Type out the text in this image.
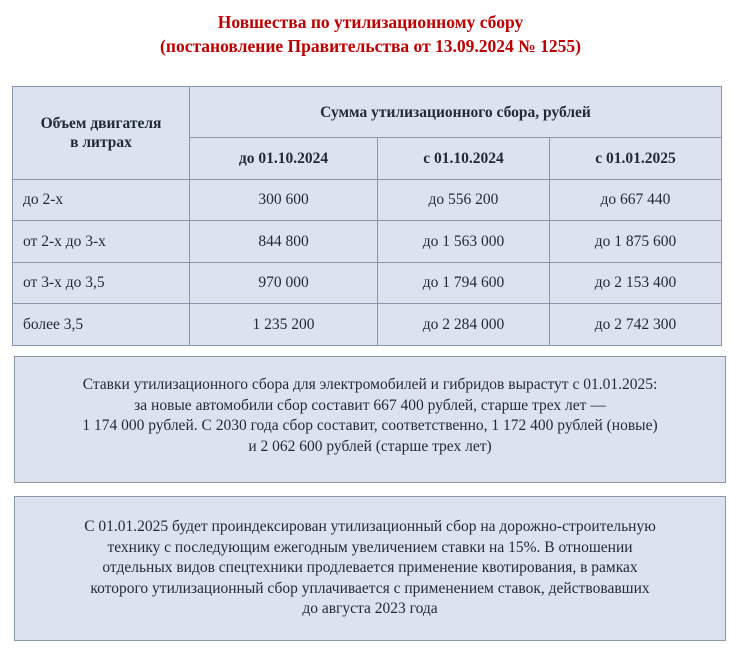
Новшества по утилизационному сбору
(постановление Правительства от 13.09.2024 № 1255)
Объем двигателя
в литрах	Сумма утилизационного сбора, рублей		
	до 01.10.2024	с 01.10.2024	с 01.01.2025
до 2-х	300 600	до 556 200	до 667 440
от 2-х до 3-х	844 800	до 1 563 000	до 1 875 600
от 3-х до 3,5	970 000	до 1 794 600	до 2 153 400
более 3,5	1 235 200	до 2 284 000	до 2 742 300
Ставки утилизационного сбора для электромобилей и гибридов вырастут с 01.01.2025:
за новые автомобили сбор составит 667 400 рублей, старше трех лет —
1 174 000 рублей. С 2030 года сбор составит, соответственно, 1 172 400 рублей (новые)
и 2 062 600 рублей (старше трех лет)
С 01.01.2025 будет проиндексирован утилизационный сбор на дорожно-строительную
технику с последующим ежегодным увеличением ставки на 15%. В отношении
отдельных видов спецтехники продлевается применение квотирования, в рамках
которого утилизационный сбор уплачивается с применением ставок, действовавших
до августа 2023 года
